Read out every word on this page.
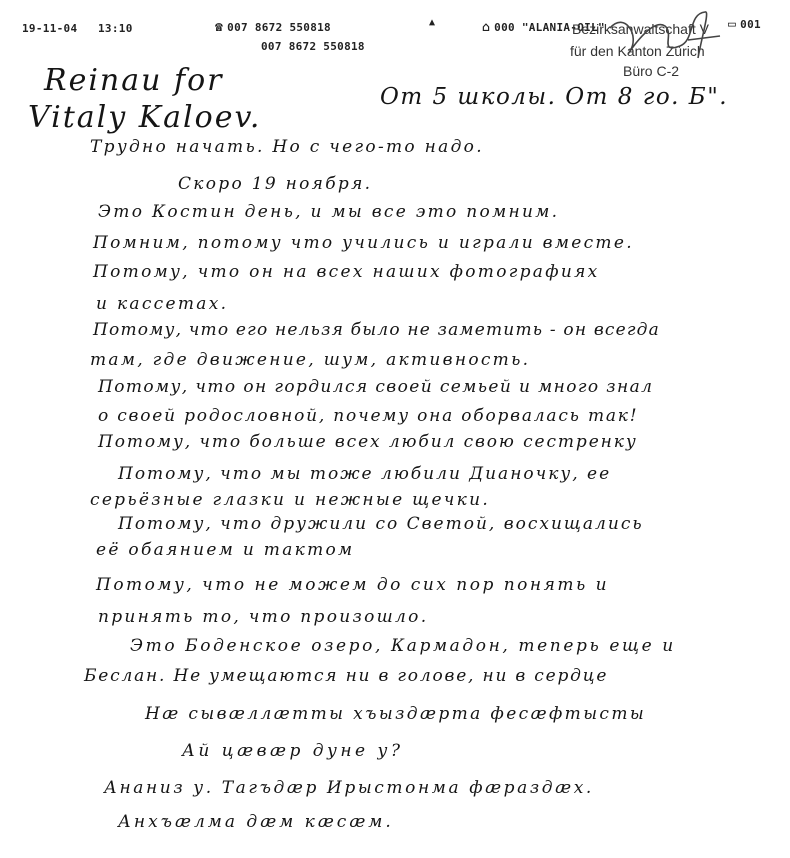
19-11-04 13:10	☎ 007 8672 550818
007 8672 550818
▲	⌂ 000 "ALANIA-OIL"	▭ 001
Bezirksanwaltschaft V
für den Kanton Zürich
Büro C-2
Reinau for
Vitaly Kaloev.
От 5 школы. От 8 го. Б".
Трудно начать. Но с чего-то надо.
Скоро 19 ноября.
Это Костин день, и мы все это помним.
Помним, потому что учились и играли вместе.
Потому, что он на всех наших фотографиях
и кассетах.
Потому, что его нельзя было не заметить - он всегда
там, где движение, шум, активность.
Потому, что он гордился своей семьей и много знал
о своей родословной, почему она оборвалась так!
Потому, что больше всех любил свою сестренку
Потому, что мы тоже любили Дианочку, ее
серьёзные глазки и нежные щечки.
Потому, что дружили со Светой, восхищались
её обаянием и тактом
Потому, что не можем до сих пор понять и
принять то, что произошло.
Это Боденское озеро, Кармадон, теперь еще и
Беслан. Не умещаются ни в голове, ни в сердце
Нæ сывæллæтты хъыздæрта фесæфтысты
Ай цæвæр дуне у?
Ананиз у. Тагъдæр Ирыстонма фæраздæх.
Анхъæлма дæм кæсæм.
